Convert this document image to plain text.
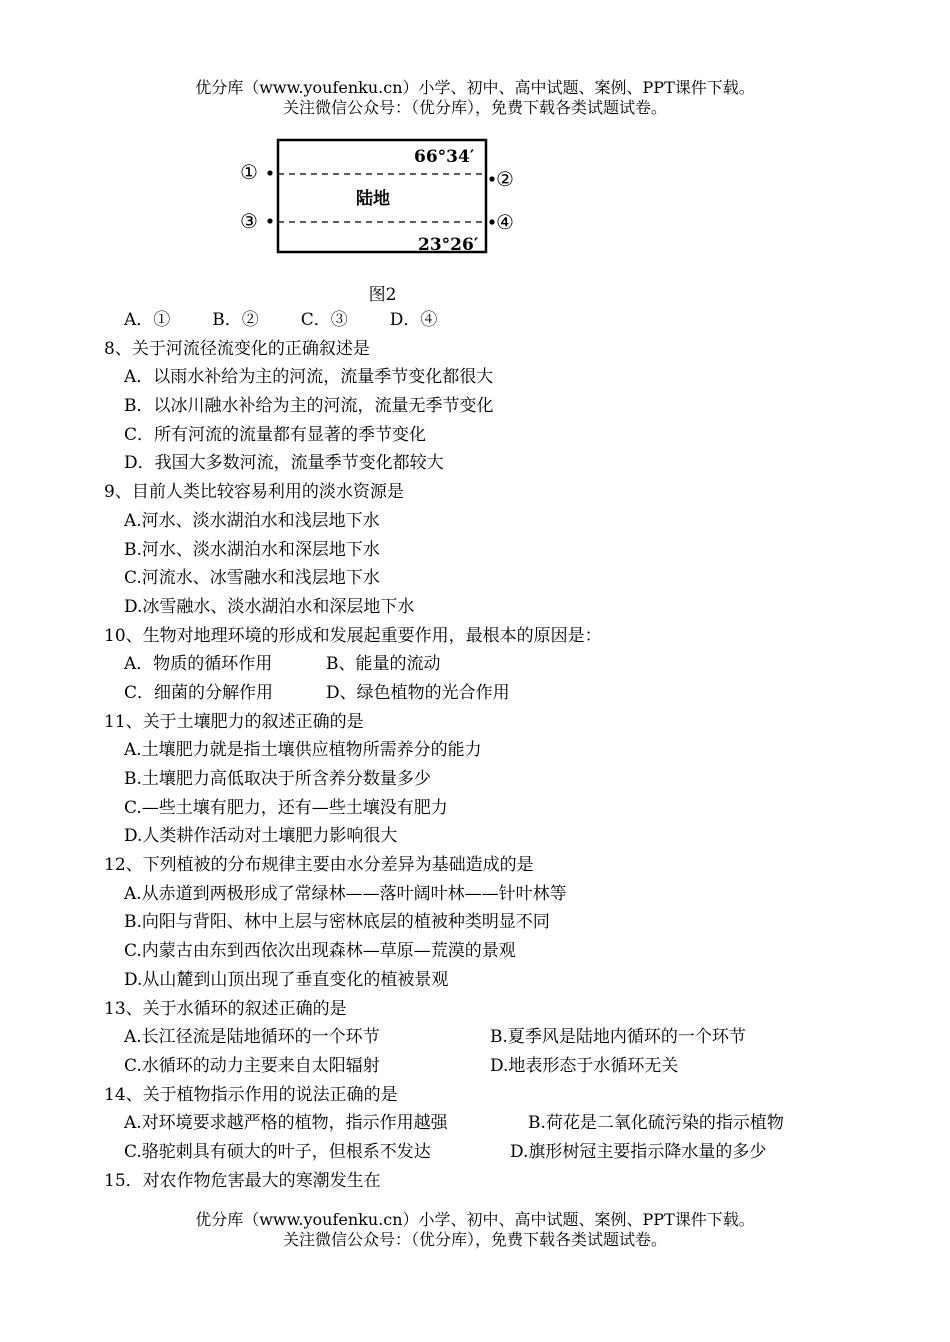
优分库（www.youfenku.cn）小学、初中、高中试题、案例、PPT课件下载。
关注微信公众号：（优分库），免费下载各类试题试卷。
66°34′
23°26′
陆地
①
③
②
④
图2
A．① B．② C．③ D．④
8、关于河流径流变化的正确叙述是
A．以雨水补给为主的河流，流量季节变化都很大
B．以冰川融水补给为主的河流，流量无季节变化
C．所有河流的流量都有显著的季节变化
D．我国大多数河流，流量季节变化都较大
9、目前人类比较容易利用的淡水资源是
A.河水、淡水湖泊水和浅层地下水
B.河水、淡水湖泊水和深层地下水
C.河流水、冰雪融水和浅层地下水
D.冰雪融水、淡水湖泊水和深层地下水
10、生物对地理环境的形成和发展起重要作用，最根本的原因是：
A．物质的循环作用	B、能量的流动
C．细菌的分解作用	D、绿色植物的光合作用
11、关于土壤肥力的叙述正确的是
A.土壤肥力就是指土壤供应植物所需养分的能力
B.土壤肥力高低取决于所含养分数量多少
C.—些土壤有肥力，还有—些土壤没有肥力
D.人类耕作活动对土壤肥力影响很大
12、下列植被的分布规律主要由水分差异为基础造成的是
A.从赤道到两极形成了常绿林——落叶阔叶林——针叶林等
B.向阳与背阳、林中上层与密林底层的植被种类明显不同
C.内蒙古由东到西依次出现森林—草原—荒漠的景观
D.从山麓到山顶出现了垂直变化的植被景观
13、关于水循环的叙述正确的是
A.长江径流是陆地循环的一个环节	B.夏季风是陆地内循环的一个环节
C.水循环的动力主要来自太阳辐射	D.地表形态于水循环无关
14、关于植物指示作用的说法正确的是
A.对环境要求越严格的植物，指示作用越强	B.荷花是二氧化硫污染的指示植物
C.骆驼刺具有硕大的叶子，但根系不发达	D.旗形树冠主要指示降水量的多少
15．对农作物危害最大的寒潮发生在
优分库（www.youfenku.cn）小学、初中、高中试题、案例、PPT课件下载。
关注微信公众号：（优分库），免费下载各类试题试卷。
